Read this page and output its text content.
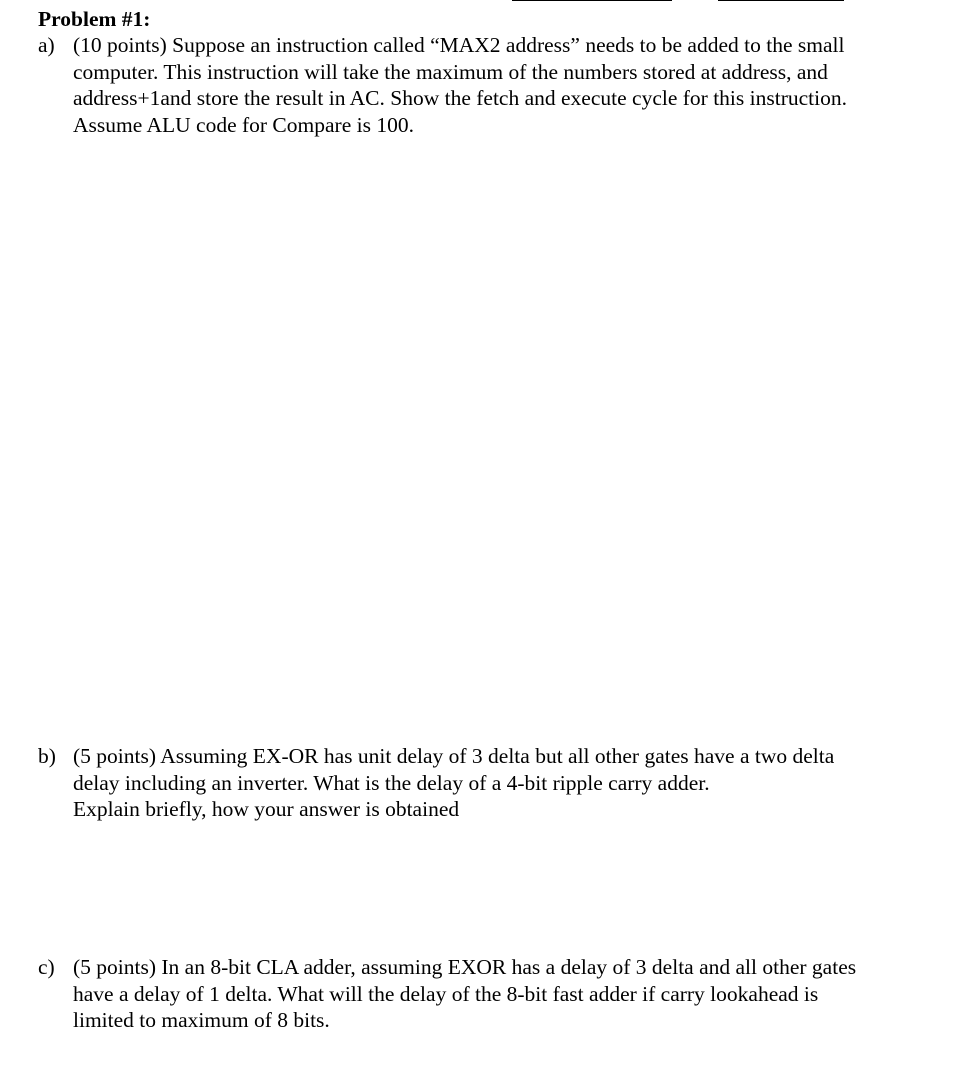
Problem #1:
a) (10 points) Suppose an instruction called “MAX2 address” needs to be added to the small
computer. This instruction will take the maximum of the numbers stored at address, and
address+1and store the result in AC. Show the fetch and execute cycle for this instruction.
Assume ALU code for Compare is 100.
b) (5 points) Assuming EX-OR has unit delay of 3 delta but all other gates have a two delta
delay including an inverter. What is the delay of a 4-bit ripple carry adder.
Explain briefly, how your answer is obtained
c) (5 points) In an 8-bit CLA adder, assuming EXOR has a delay of 3 delta and all other gates
have a delay of 1 delta. What will the delay of the 8-bit fast adder if carry lookahead is
limited to maximum of 8 bits.
